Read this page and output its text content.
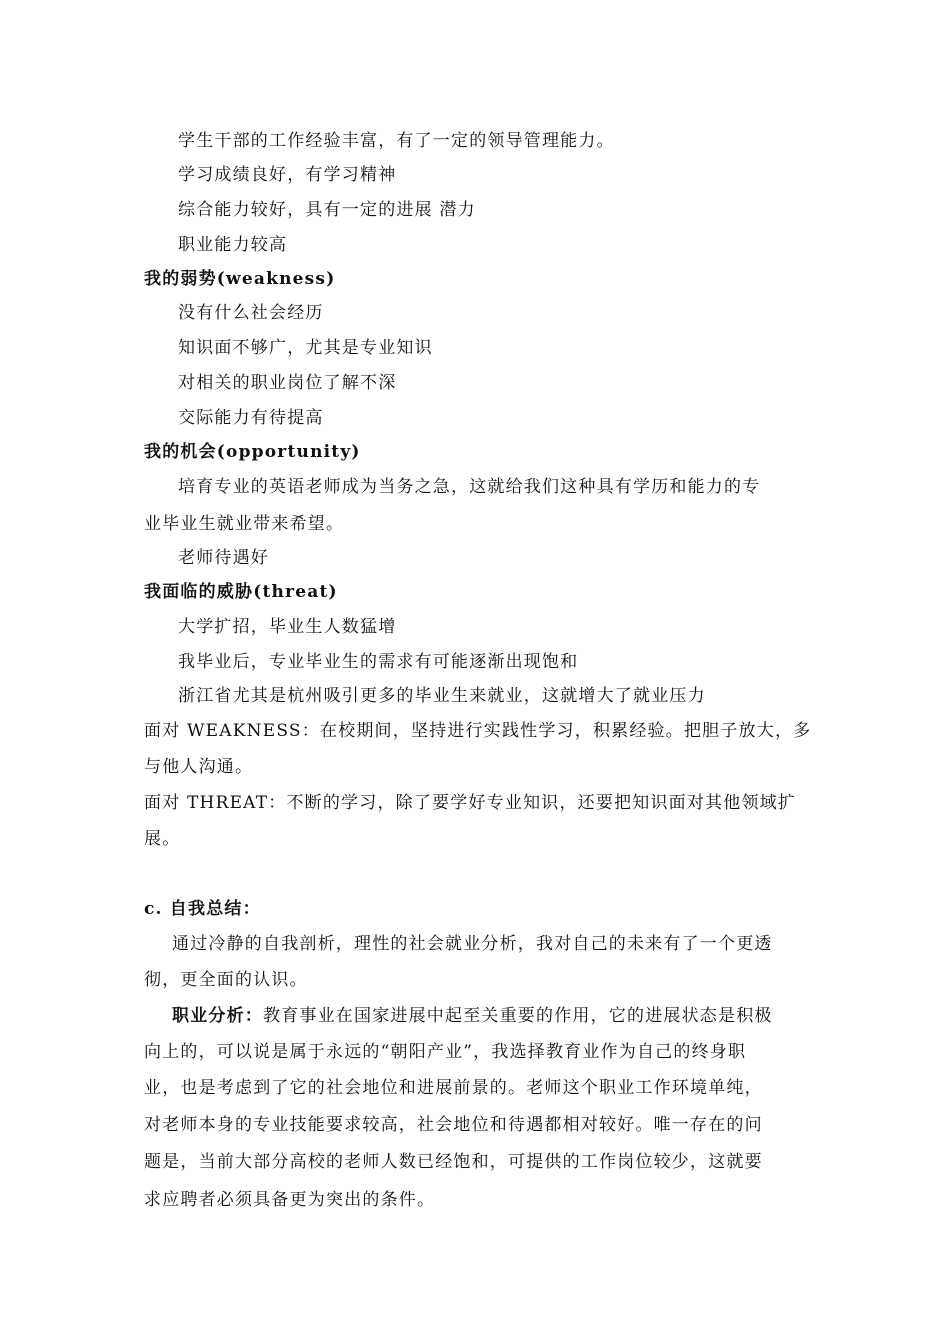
学生干部的工作经验丰富，有了一定的领导管理能力。
学习成绩良好，有学习精神
综合能力较好，具有一定的进展 潜力
职业能力较高
我的弱势(weakness)
没有什么社会经历
知识面不够广，尤其是专业知识
对相关的职业岗位了解不深
交际能力有待提高
我的机会(opportunity)
培育专业的英语老师成为当务之急，这就给我们这种具有学历和能力的专
业毕业生就业带来希望。
老师待遇好
我面临的威胁(threat)
大学扩招，毕业生人数猛增
我毕业后，专业毕业生的需求有可能逐渐出现饱和
浙江省尤其是杭州吸引更多的毕业生来就业，这就增大了就业压力
面对 WEAKNESS：在校期间，坚持进行实践性学习，积累经验。把胆子放大，多
与他人沟通。
面对 THREAT：不断的学习，除了要学好专业知识，还要把知识面对其他领域扩
展。
c. 自我总结：
通过冷静的自我剖析，理性的社会就业分析，我对自己的未来有了一个更透
彻，更全面的认识。
职业分析：教育事业在国家进展中起至关重要的作用，它的进展状态是积极
向上的，可以说是属于永远的“朝阳产业”，我选择教育业作为自己的终身职
业，也是考虑到了它的社会地位和进展前景的。老师这个职业工作环境单纯，
对老师本身的专业技能要求较高，社会地位和待遇都相对较好。唯一存在的问
题是，当前大部分高校的老师人数已经饱和，可提供的工作岗位较少，这就要
求应聘者必须具备更为突出的条件。
